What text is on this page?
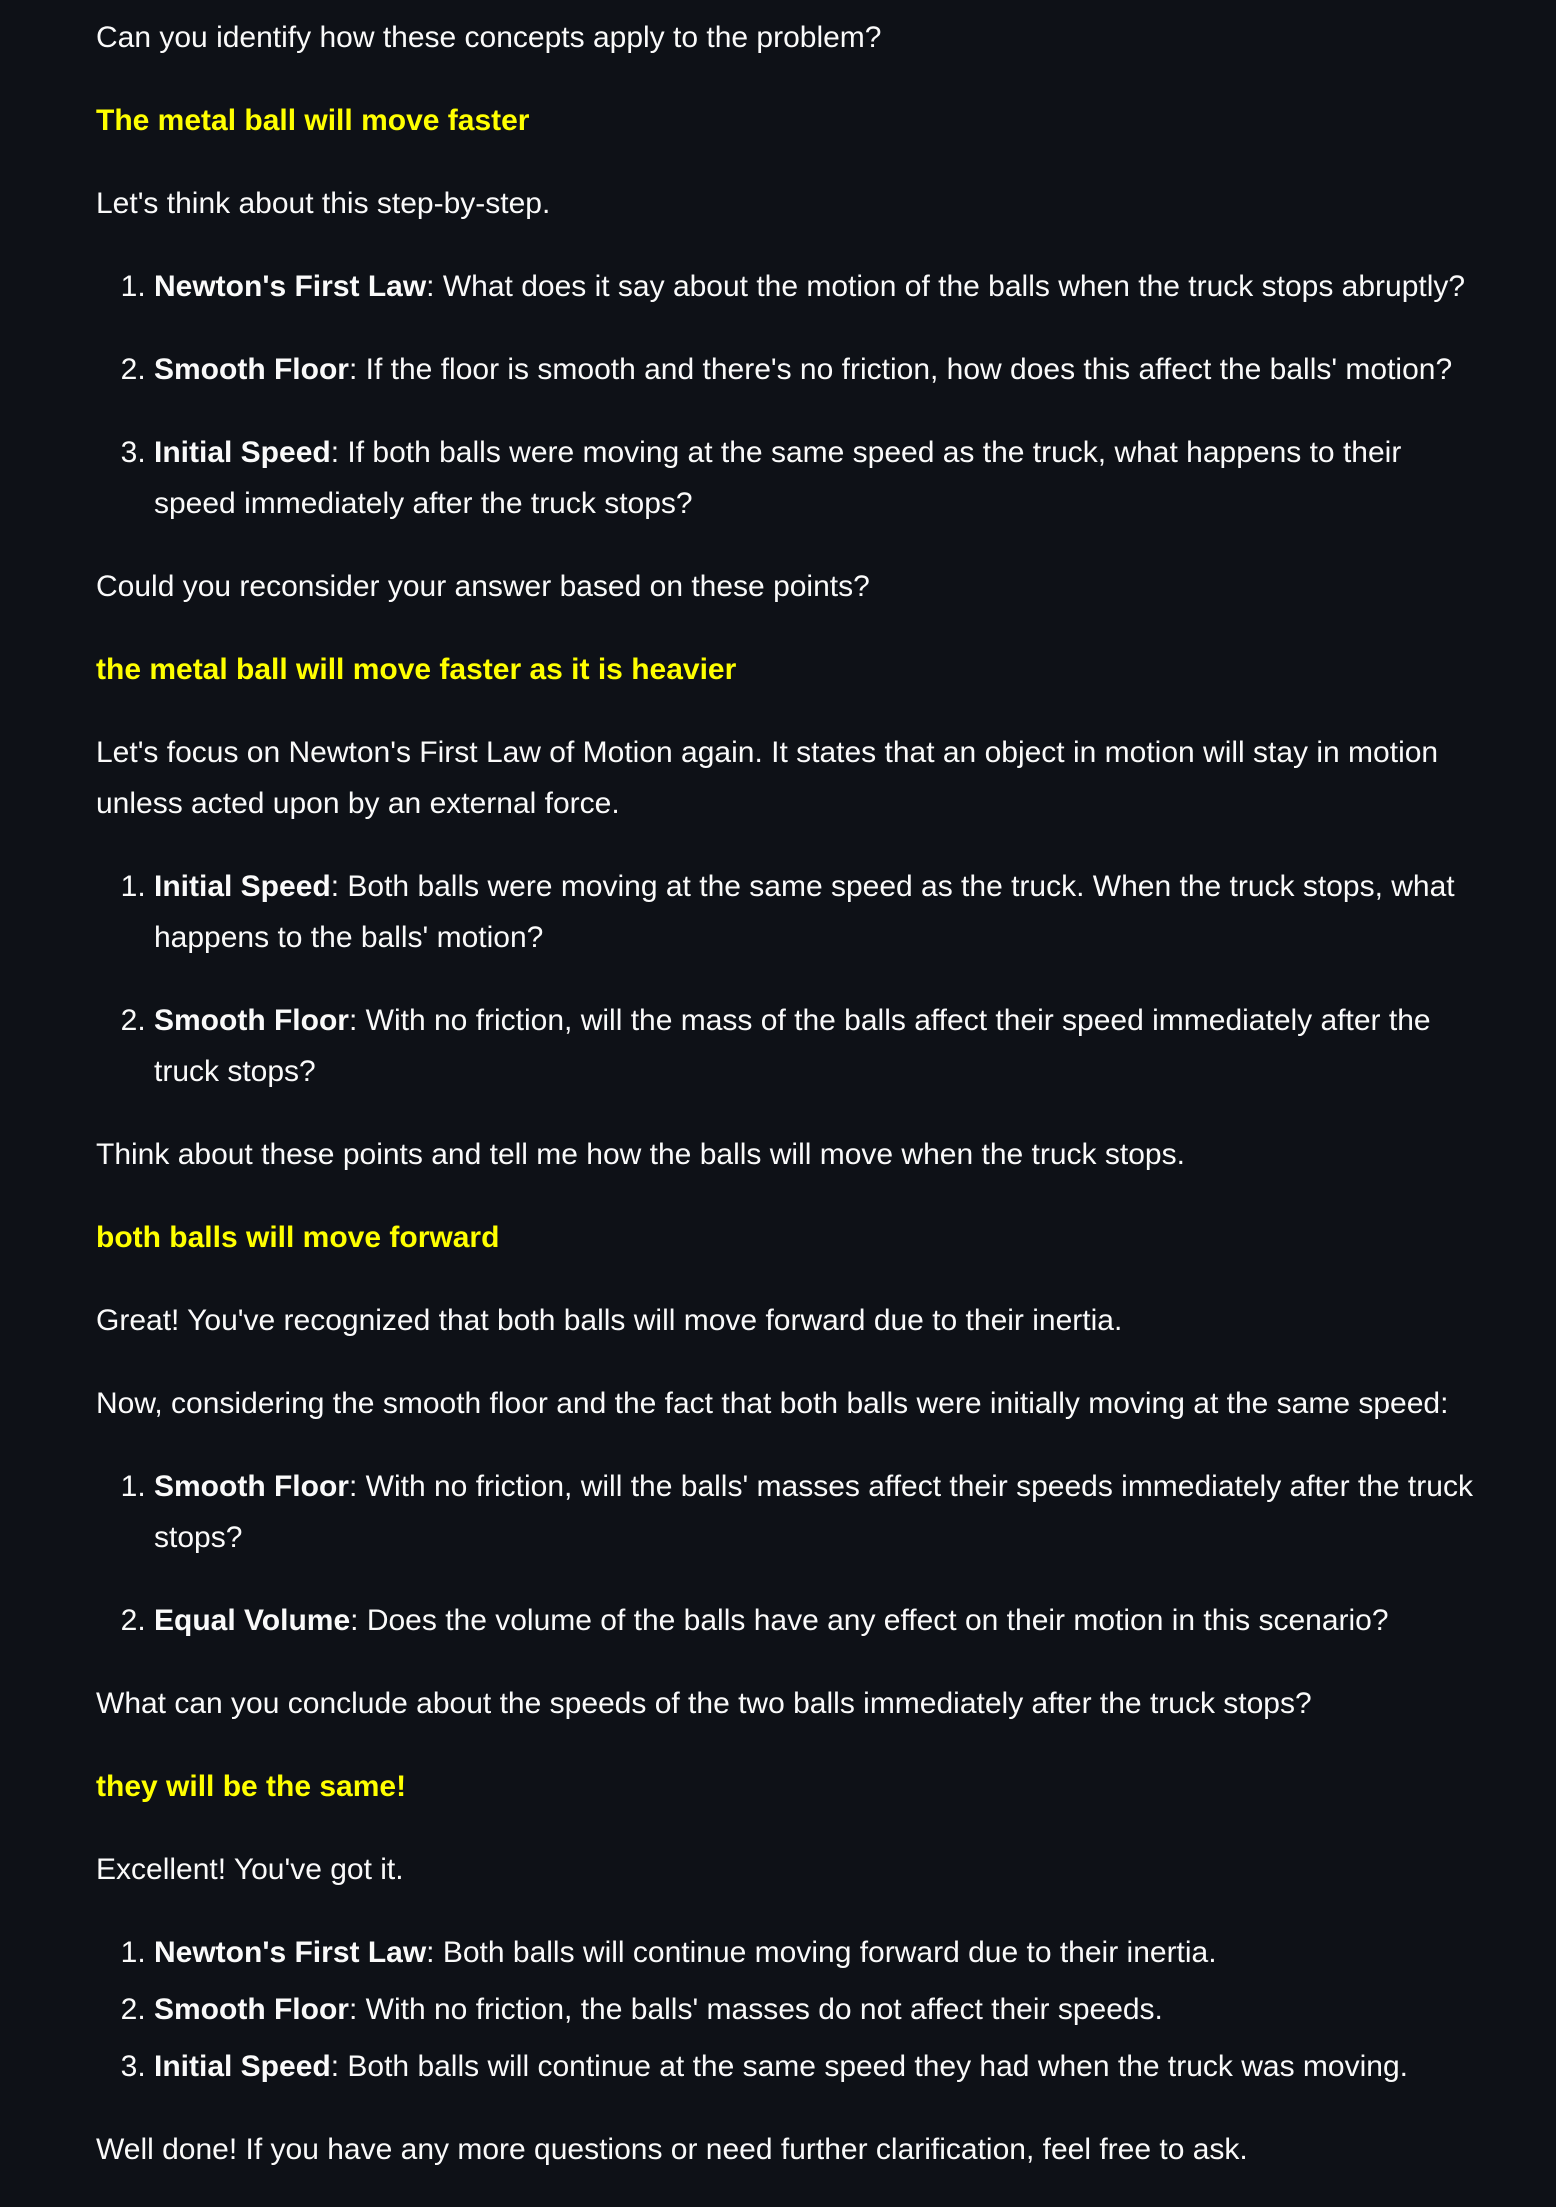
Can you identify how these concepts apply to the problem?

The metal ball will move faster

Let's think about this step-by-step.

1. Newton's First Law: What does it say about the motion of the balls when the truck stops abruptly?
2. Smooth Floor: If the floor is smooth and there's no friction, how does this affect the balls' motion?
3. Initial Speed: If both balls were moving at the same speed as the truck, what happens to their speed immediately after the truck stops?

Could you reconsider your answer based on these points?

the metal ball will move faster as it is heavier

Let's focus on Newton's First Law of Motion again. It states that an object in motion will stay in motion unless acted upon by an external force.

1. Initial Speed: Both balls were moving at the same speed as the truck. When the truck stops, what happens to the balls' motion?
2. Smooth Floor: With no friction, will the mass of the balls affect their speed immediately after the truck stops?

Think about these points and tell me how the balls will move when the truck stops.

both balls will move forward

Great! You've recognized that both balls will move forward due to their inertia.

Now, considering the smooth floor and the fact that both balls were initially moving at the same speed:

1. Smooth Floor: With no friction, will the balls' masses affect their speeds immediately after the truck stops?
2. Equal Volume: Does the volume of the balls have any effect on their motion in this scenario?

What can you conclude about the speeds of the two balls immediately after the truck stops?

they will be the same!

Excellent! You've got it.

1. Newton's First Law: Both balls will continue moving forward due to their inertia.
2. Smooth Floor: With no friction, the balls' masses do not affect their speeds.
3. Initial Speed: Both balls will continue at the same speed they had when the truck was moving.

Well done! If you have any more questions or need further clarification, feel free to ask.
